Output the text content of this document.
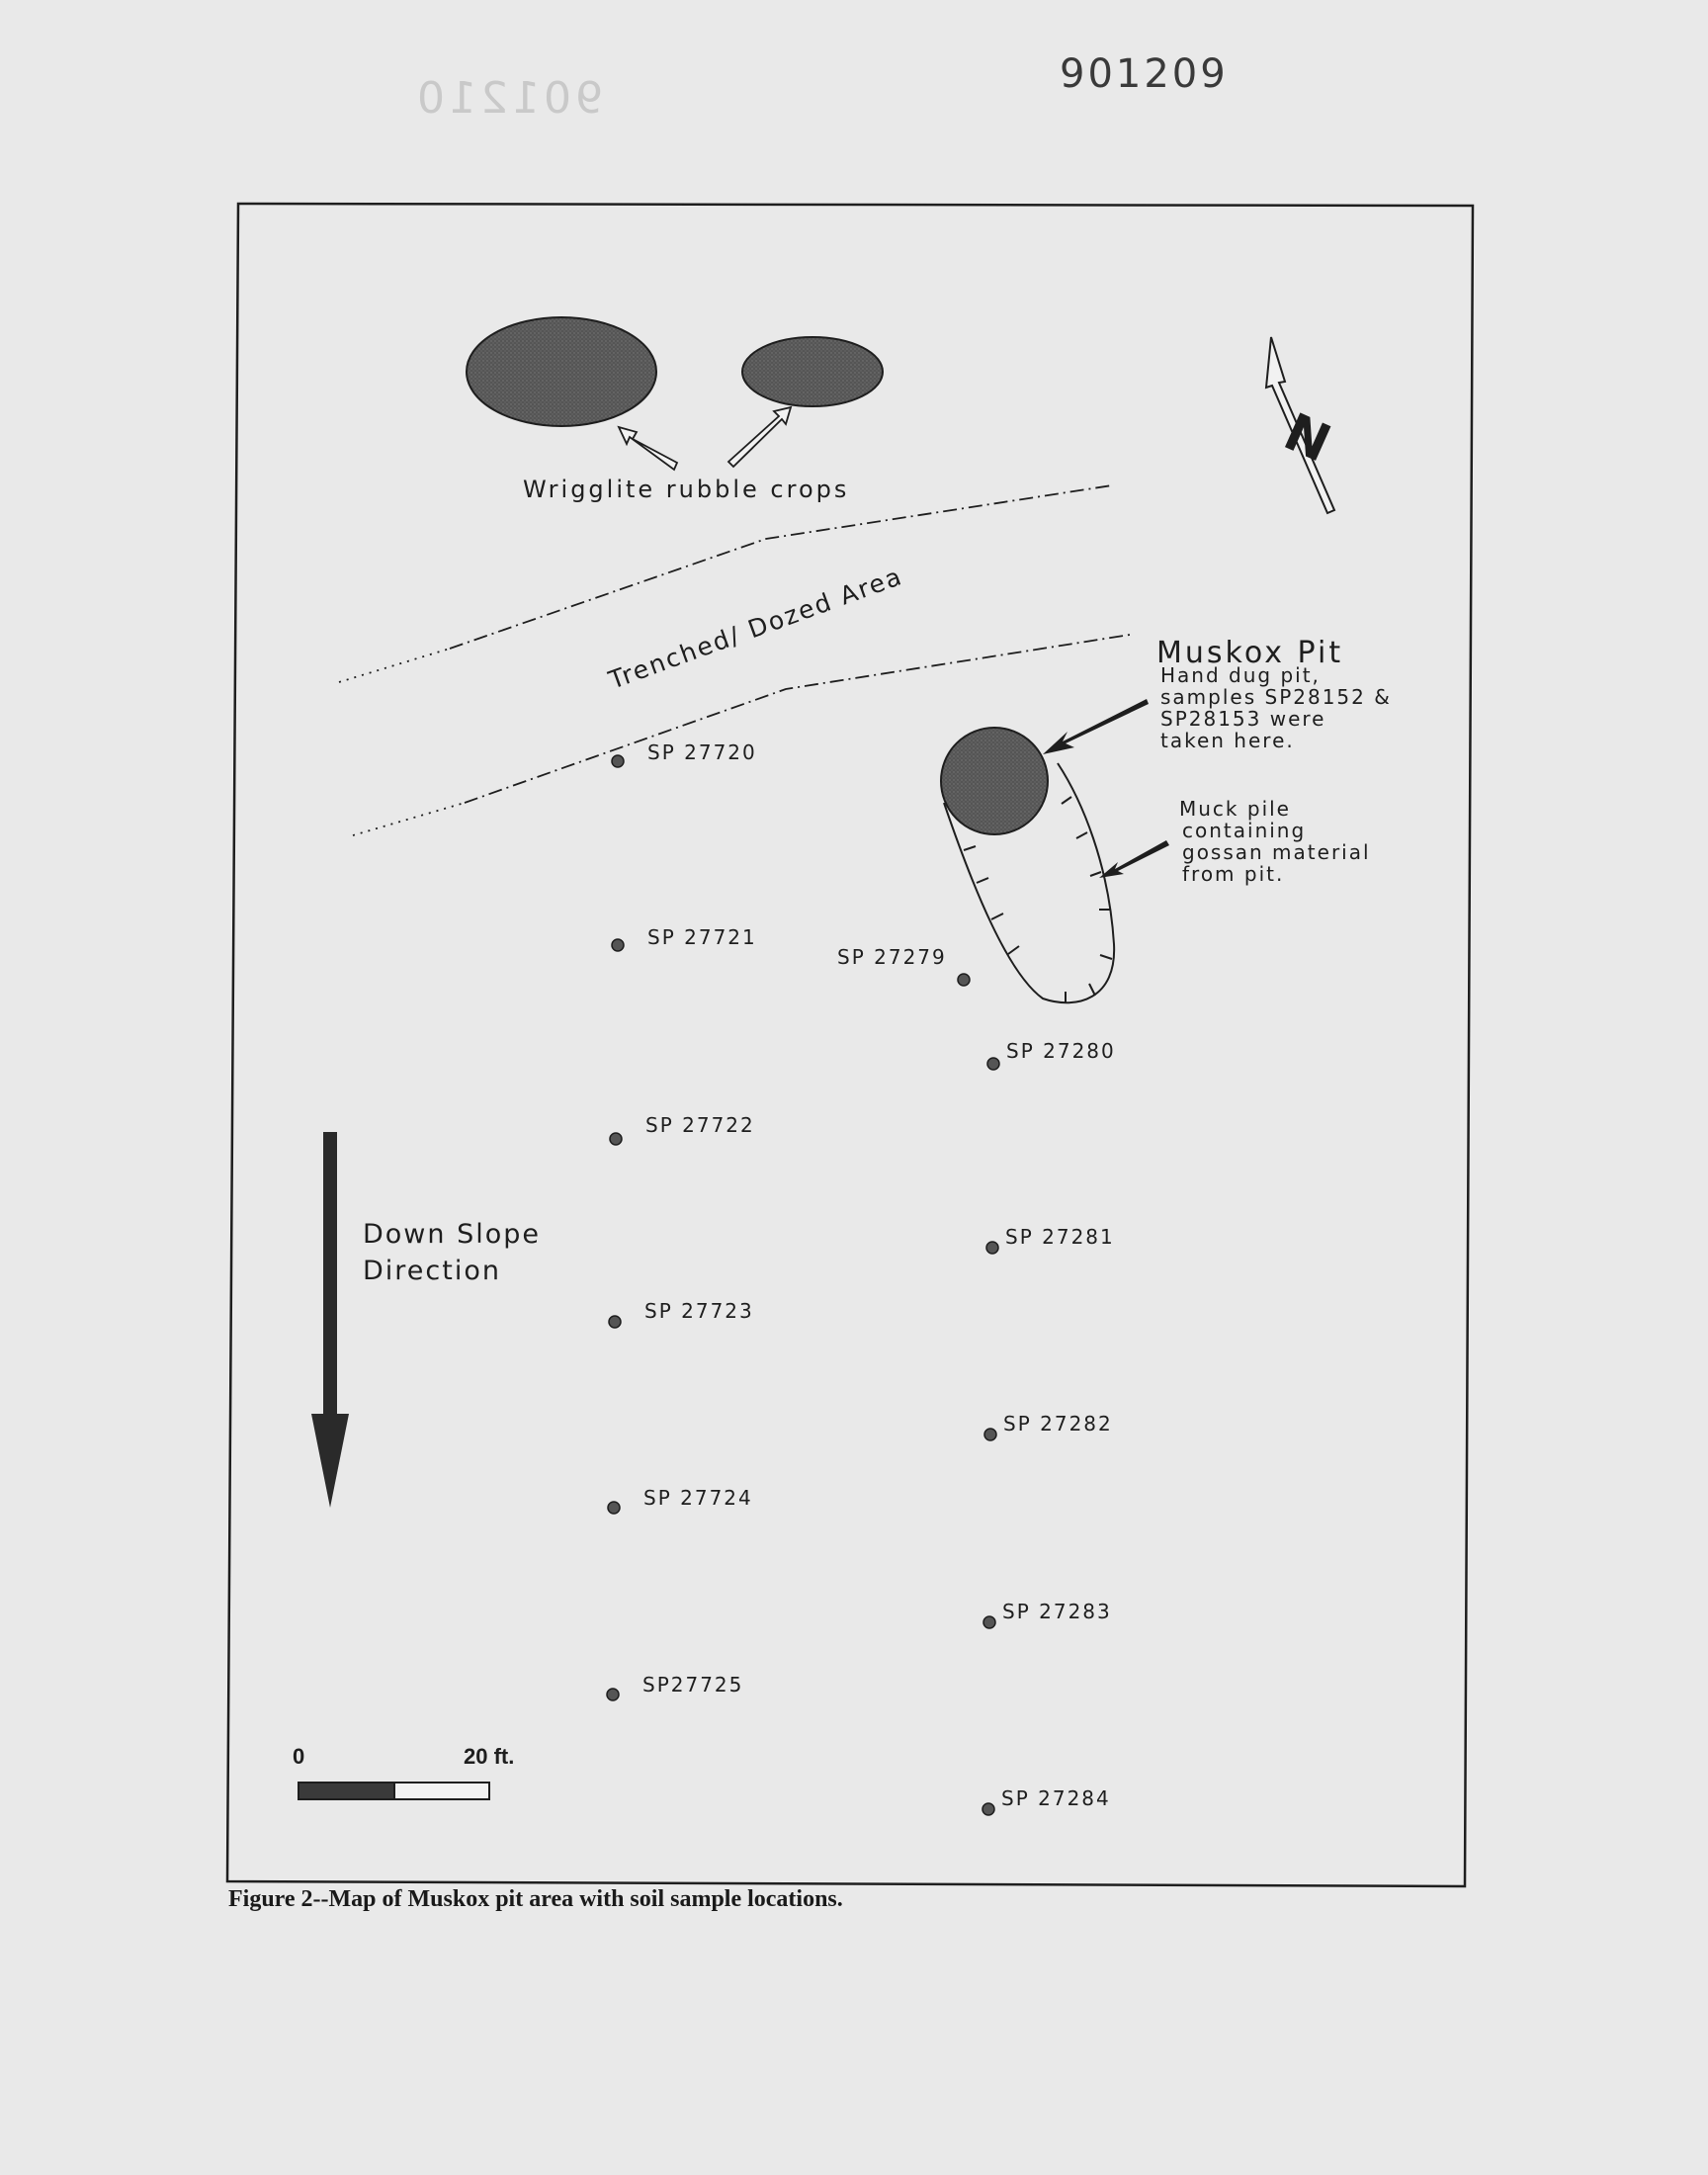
901210	901209
Wrigglite rubble crops
N
Trenched/ Dozed Area	Muskox Pit
Hand dug pit,
samples SP28152 &
SP28153 were
taken here.
Muck pile
containing
gossan material
from pit.
Down Slope
Direction
0	20 ft.
SP 27720
SP 27721
SP 27722
SP 27723
SP 27724
SP27725
SP 27279
SP 27280
SP 27281
SP 27282
SP 27283
SP 27284
Figure 2--Map of Muskox pit area with soil sample locations.
